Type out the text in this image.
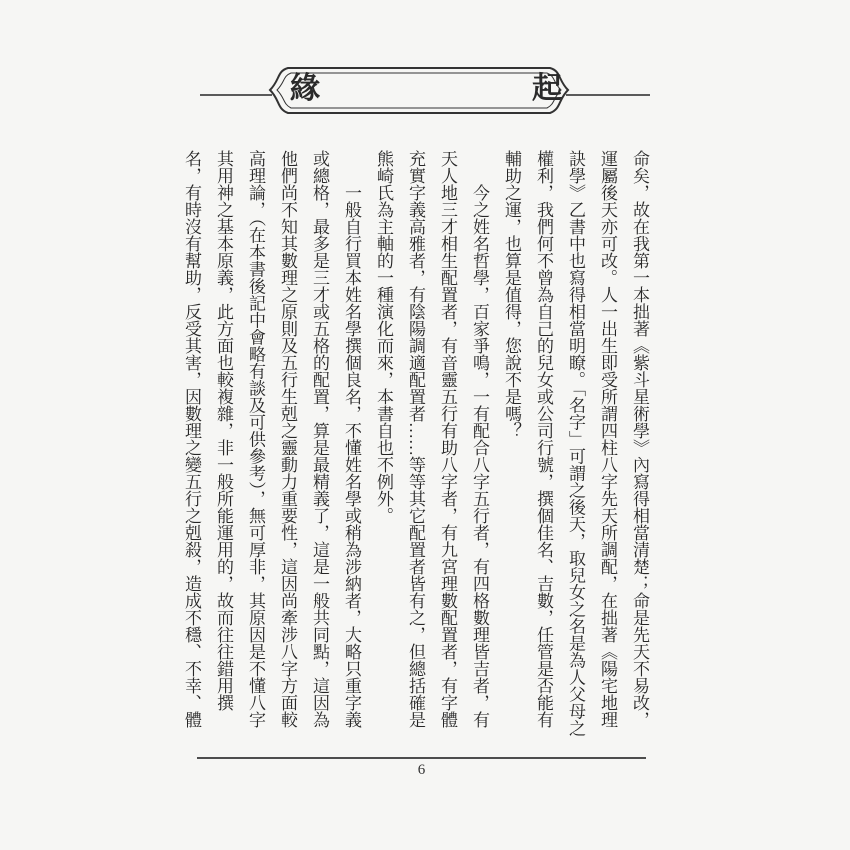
緣	起

命矣，故在我第一本拙著《紫斗星術學》內寫得相當清楚；命是先天不易改，運屬後天亦可改。人一出生即受所謂四柱八字先天所調配，在拙著《陽宅地理訣學》乙書中也寫得相當明瞭。「名字」可謂之後天，取兒女之名是為人父母之權利，我們何不曾為自己的兒女或公司行號，撰個佳名、吉數，任管是否能有輔助之運，也算是值得，您說不是嗎？

今之姓名哲學，百家爭鳴，一有配合八字五行者，有四格數理皆吉者，有天人地三才相生配置者，有音靈五行有助八字者，有九宮理數配置者，有字體充實字義高雅者，有陰陽調適配置者……等等其它配置者皆有之，但總括確是熊崎氏為主軸的一種演化而來，本書自也不例外。

一般自行買本姓名學撰個良名，不懂姓名學或稍為涉納者，大略只重字義或總格，最多是三才或五格的配置，算是最精義了，這是一般共同點，這因為他們尚不知其數理之原則及五行生剋之靈動力重要性，這因尚牽涉八字方面較高理論，（在本書後記中會略有談及可供參考），無可厚非，其原因是不懂八字其用神之基本原義，此方面也較複雜，非一般所能運用的，故而往往錯用撰名，有時沒有幫助，反受其害，因數理之變五行之剋殺，造成不穩、不幸、體

6
